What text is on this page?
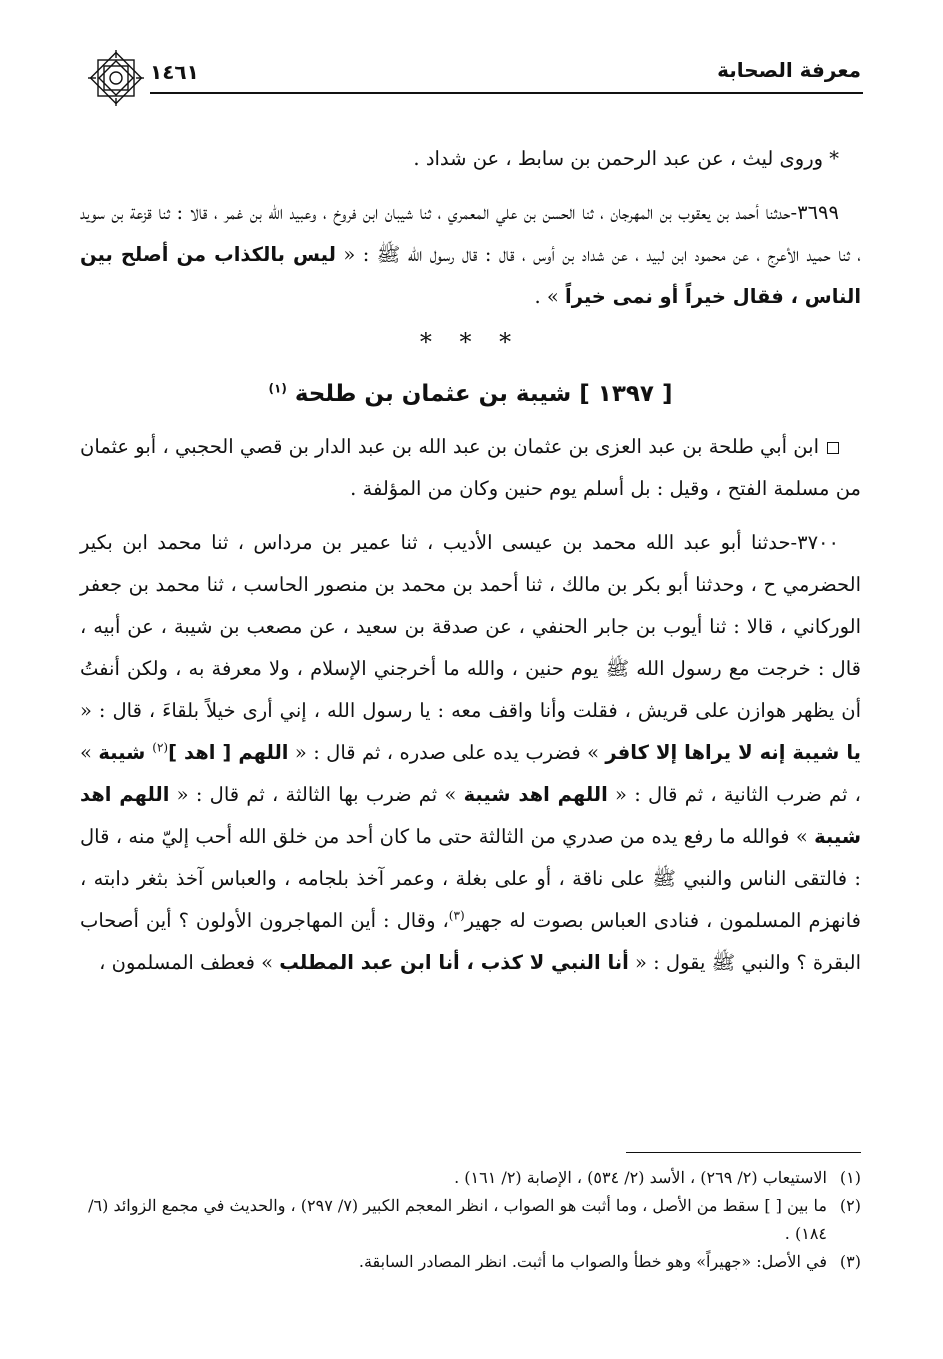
معرفة الصحابة
١٤٦١

* وروى ليث ، عن عبد الرحمن بن سابط ، عن شداد .

٣٦٩٩-حدثنا أحمد بن يعقوب بن المهرجان ، ثنا الحسن بن علي المعمري ، ثنا شيبان ابن فروخ ، وعبيد الله بن غمر ، قالا : ثنا قزعة بن سويد ، ثنا حميد الأعرج ، عن محمود ابن لبيد ، عن شداد بن أوس ، قال : قال رسول الله ﷺ : « ليس بالكذاب من أصلح بين الناس ، فقال خيراً أو نمى خيراً » .

* * *

[ ١٣٩٧ ] شيبة بن عثمان بن طلحة $^{(١)}$

ابن أبي طلحة بن عبد العزى بن عثمان بن عبد الله بن عبد الدار بن قصي الحجبي ، أبو عثمان من مسلمة الفتح ، وقيل : بل أسلم يوم حنين وكان من المؤلفة .

٣٧٠٠-حدثنا أبو عبد الله محمد بن عيسى الأديب ، ثنا عمير بن مرداس ، ثنا محمد ابن بكير الحضرمي ح ، وحدثنا أبو بكر بن مالك ، ثنا أحمد بن محمد بن منصور الحاسب ، ثنا محمد بن جعفر الوركاني ، قالا : ثنا أيوب بن جابر الحنفي ، عن صدقة بن سعيد ، عن مصعب بن شيبة ، عن أبيه ، قال : خرجت مع رسول الله ﷺ يوم حنين ، والله ما أخرجني الإسلام ، ولا معرفة به ، ولكن أنفتُ أن يظهر هوازن على قريش ، فقلت وأنا واقف معه : يا رسول الله ، إني أرى خيلاً بلقاءَ ، قال : « يا شيبة إنه لا يراها إلا كافر » فضرب يده على صدره ، ثم قال : « اللهم [ اهد ]$^{(٢)}$ شيبة » ، ثم ضرب الثانية ، ثم قال : « اللهم اهد شيبة » ثم ضرب بها الثالثة ، ثم قال : « اللهم اهد شيبة » فوالله ما رفع يده من صدري من الثالثة حتى ما كان أحد من خلق الله أحب إليّ منه ، قال : فالتقى الناس والنبي ﷺ على ناقة ، أو على بغلة ، وعمر آخذ بلجامه ، والعباس آخذ بثغر دابته ، فانهزم المسلمون ، فنادى العباس بصوت له جهير$^{(٣)}$، وقال : أين المهاجرون الأولون ؟ أين أصحاب البقرة ؟ والنبي ﷺ يقول : « أنا النبي لا كذب ، أنا ابن عبد المطلب » فعطف المسلمون ،

(١)
الاستيعاب (٢/ ٢٦٩) ، الأسد (٢/ ٥٣٤) ، الإصابة (٢/ ١٦١) .

(٢)
ما بين [ ] سقط من الأصل ، وما أثبت هو الصواب ، انظر المعجم الكبير (٧/ ٢٩٧) ، والحديث في مجمع الزوائد (٦/ ١٨٤) .

(٣)
في الأصل: «جهيراً» وهو خطأ والصواب ما أثبت. انظر المصادر السابقة.
